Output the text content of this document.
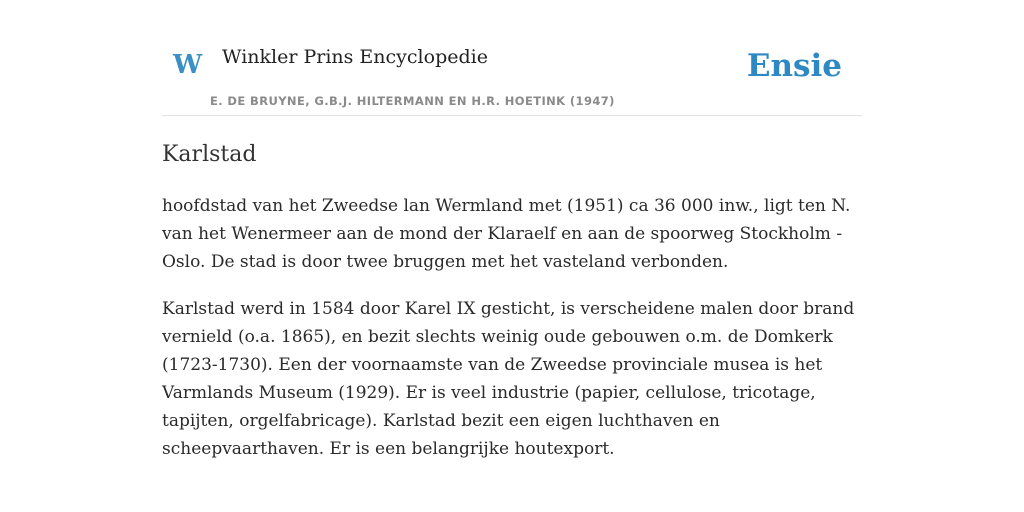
W Winkler Prins Encyclopedie
E. DE BRUYNE, G.B.J. HILTERMANN EN H.R. HOETINK (1947)
Ensie
Karlstad

hoofdstad van het Zweedse lan Wermland met (1951) ca 36 000 inw., ligt ten N.
van het Wenermeer aan de mond der Klaraelf en aan de spoorweg Stockholm -
Oslo. De stad is door twee bruggen met het vasteland verbonden.

Karlstad werd in 1584 door Karel IX gesticht, is verscheidene malen door brand
vernield (o.a. 1865), en bezit slechts weinig oude gebouwen o.m. de Domkerk
(1723-1730). Een der voornaamste van de Zweedse provinciale musea is het
Varmlands Museum (1929). Er is veel industrie (papier, cellulose, tricotage,
tapijten, orgelfabricage). Karlstad bezit een eigen luchthaven en
scheepvaarthaven. Er is een belangrijke houtexport.
